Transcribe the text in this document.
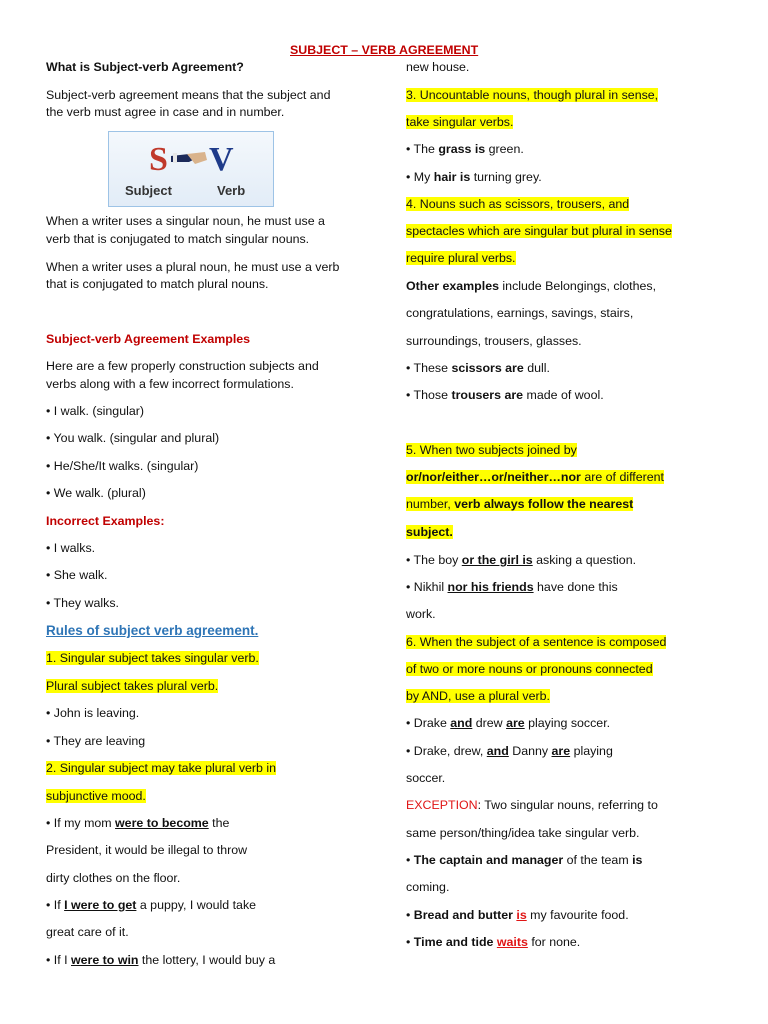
SUBJECT – VERB AGREEMENT
What is Subject-verb Agreement?
Subject-verb agreement means that the subject and
the verb must agree in case and in number.
S V
Subject	Verb
When a writer uses a singular noun, he must use a
verb that is conjugated to match singular nouns.
When a writer uses a plural noun, he must use a verb
that is conjugated to match plural nouns.
Subject-verb Agreement Examples
Here are a few properly construction subjects and
verbs along with a few incorrect formulations.
• I walk. (singular)
• You walk. (singular and plural)
• He/She/It walks. (singular)
• We walk. (plural)
Incorrect Examples:
• I walks.
• She walk.
• They walks.
Rules of subject verb agreement.
1. Singular subject takes singular verb.
Plural subject takes plural verb.
• John is leaving.
• They are leaving
2. Singular subject may take plural verb in
subjunctive mood.
• If my mom were to become the
President, it would be illegal to throw
dirty clothes on the floor.
• If I were to get a puppy, I would take
great care of it.
• If I were to win the lottery, I would buy a
new house.
3. Uncountable nouns, though plural in sense,
take singular verbs.
• The grass is green.
• My hair is turning grey.
4. Nouns such as scissors, trousers, and
spectacles which are singular but plural in sense
require plural verbs.
Other examples include Belongings, clothes,
congratulations, earnings, savings, stairs,
surroundings, trousers, glasses.
• These scissors are dull.
• Those trousers are made of wool.
5. When two subjects joined by
or/nor/either…or/neither…nor are of different
number, verb always follow the nearest
subject.
• The boy or the girl is asking a question.
• Nikhil nor his friends have done this
work.
6. When the subject of a sentence is composed
of two or more nouns or pronouns connected
by AND, use a plural verb.
• Drake and drew are playing soccer.
• Drake, drew, and Danny are playing
soccer.
EXCEPTION: Two singular nouns, referring to
same person/thing/idea take singular verb.
• The captain and manager of the team is
coming.
• Bread and butter is my favourite food.
• Time and tide waits for none.
